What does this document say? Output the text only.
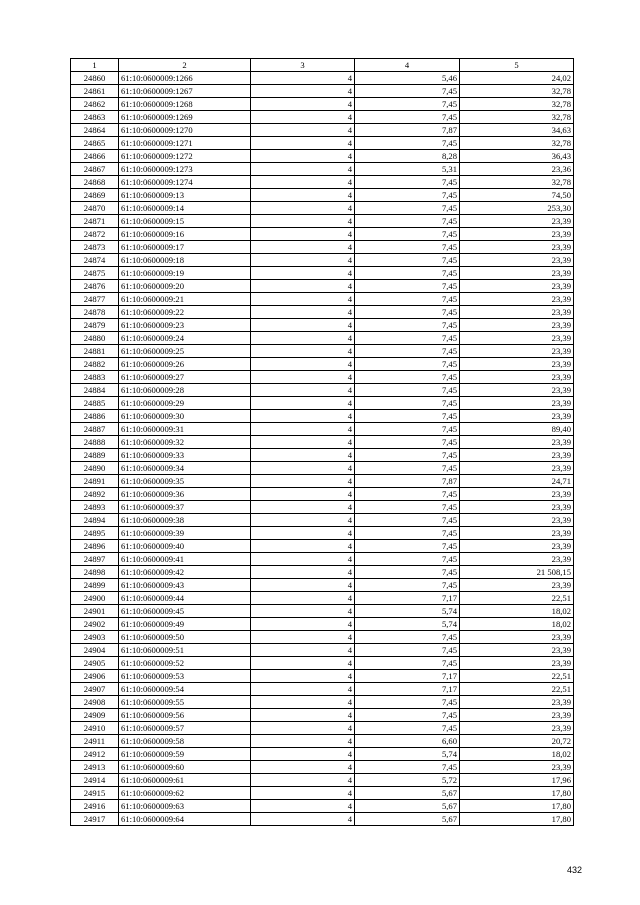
1	2	3	4	5
24860	61:10:0600009:1266	4	5,46	24,02
24861	61:10:0600009:1267	4	7,45	32,78
24862	61:10:0600009:1268	4	7,45	32,78
24863	61:10:0600009:1269	4	7,45	32,78
24864	61:10:0600009:1270	4	7,87	34,63
24865	61:10:0600009:1271	4	7,45	32,78
24866	61:10:0600009:1272	4	8,28	36,43
24867	61:10:0600009:1273	4	5,31	23,36
24868	61:10:0600009:1274	4	7,45	32,78
24869	61:10:0600009:13	4	7,45	74,50
24870	61:10:0600009:14	4	7,45	253,30
24871	61:10:0600009:15	4	7,45	23,39
24872	61:10:0600009:16	4	7,45	23,39
24873	61:10:0600009:17	4	7,45	23,39
24874	61:10:0600009:18	4	7,45	23,39
24875	61:10:0600009:19	4	7,45	23,39
24876	61:10:0600009:20	4	7,45	23,39
24877	61:10:0600009:21	4	7,45	23,39
24878	61:10:0600009:22	4	7,45	23,39
24879	61:10:0600009:23	4	7,45	23,39
24880	61:10:0600009:24	4	7,45	23,39
24881	61:10:0600009:25	4	7,45	23,39
24882	61:10:0600009:26	4	7,45	23,39
24883	61:10:0600009:27	4	7,45	23,39
24884	61:10:0600009:28	4	7,45	23,39
24885	61:10:0600009:29	4	7,45	23,39
24886	61:10:0600009:30	4	7,45	23,39
24887	61:10:0600009:31	4	7,45	89,40
24888	61:10:0600009:32	4	7,45	23,39
24889	61:10:0600009:33	4	7,45	23,39
24890	61:10:0600009:34	4	7,45	23,39
24891	61:10:0600009:35	4	7,87	24,71
24892	61:10:0600009:36	4	7,45	23,39
24893	61:10:0600009:37	4	7,45	23,39
24894	61:10:0600009:38	4	7,45	23,39
24895	61:10:0600009:39	4	7,45	23,39
24896	61:10:0600009:40	4	7,45	23,39
24897	61:10:0600009:41	4	7,45	23,39
24898	61:10:0600009:42	4	7,45	21 508,15
24899	61:10:0600009:43	4	7,45	23,39
24900	61:10:0600009:44	4	7,17	22,51
24901	61:10:0600009:45	4	5,74	18,02
24902	61:10:0600009:49	4	5,74	18,02
24903	61:10:0600009:50	4	7,45	23,39
24904	61:10:0600009:51	4	7,45	23,39
24905	61:10:0600009:52	4	7,45	23,39
24906	61:10:0600009:53	4	7,17	22,51
24907	61:10:0600009:54	4	7,17	22,51
24908	61:10:0600009:55	4	7,45	23,39
24909	61:10:0600009:56	4	7,45	23,39
24910	61:10:0600009:57	4	7,45	23,39
24911	61:10:0600009:58	4	6,60	20,72
24912	61:10:0600009:59	4	5,74	18,02
24913	61:10:0600009:60	4	7,45	23,39
24914	61:10:0600009:61	4	5,72	17,96
24915	61:10:0600009:62	4	5,67	17,80
24916	61:10:0600009:63	4	5,67	17,80
24917	61:10:0600009:64	4	5,67	17,80
432
